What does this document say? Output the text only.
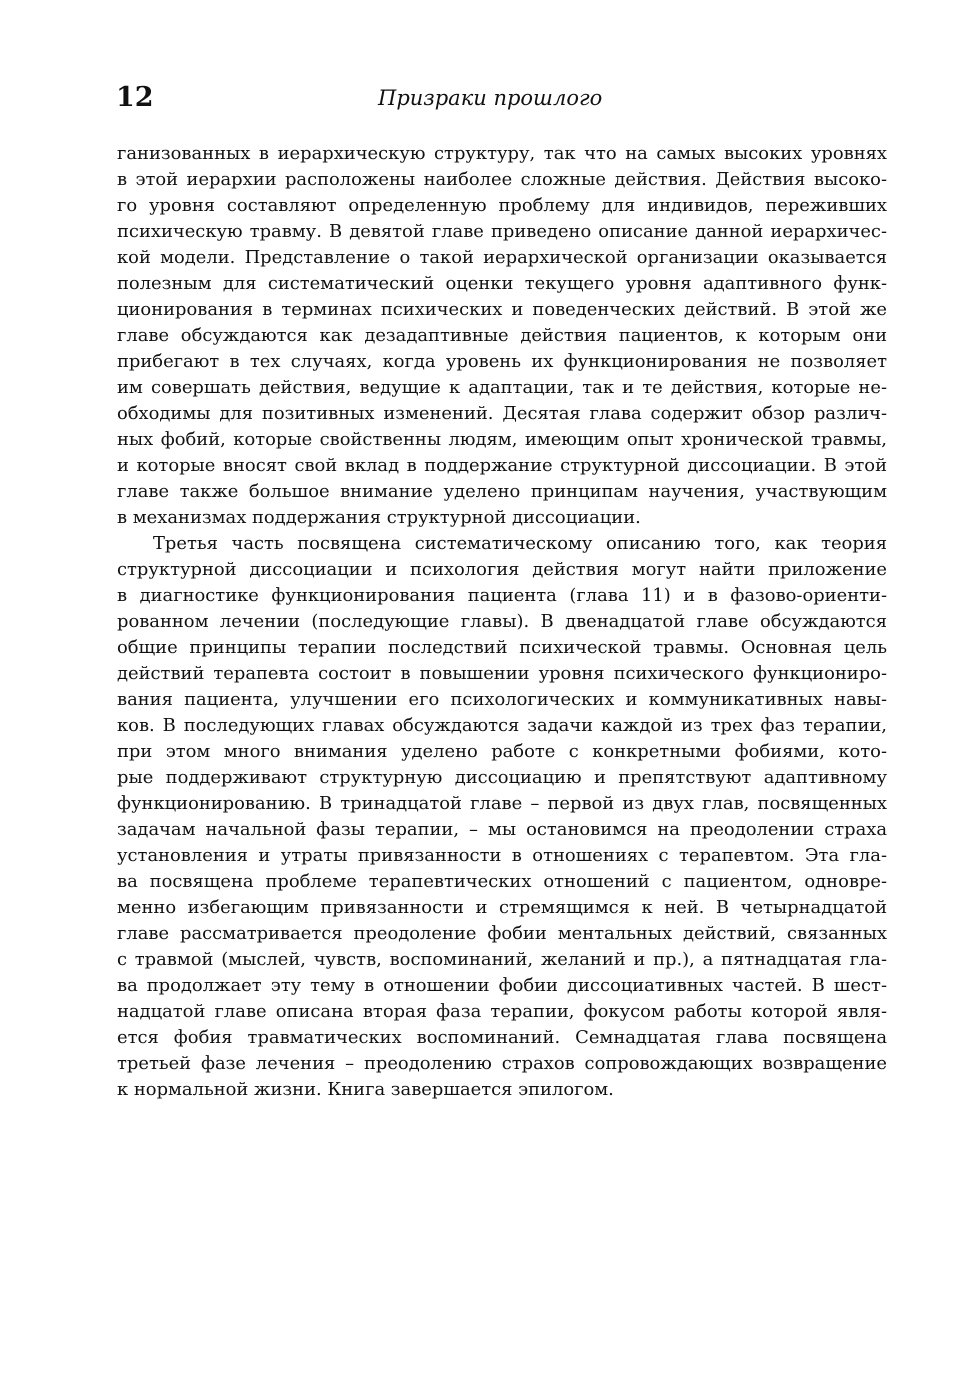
12	Призраки прошлого
ганизованных в иерархическую структуру, так что на самых высоких уровнях
в этой иерархии расположены наиболее сложные действия. Действия высоко-
го уровня составляют определенную проблему для индивидов, переживших
психическую травму. В девятой главе приведено описание данной иерархичес-
кой модели. Представление о такой иерархической организации оказывается
полезным для систематический оценки текущего уровня адаптивного функ-
ционирования в терминах психических и поведенческих действий. В этой же
главе обсуждаются как дезадаптивные действия пациентов, к которым они
прибегают в тех случаях, когда уровень их функционирования не позволяет
им совершать действия, ведущие к адаптации, так и те действия, которые не-
обходимы для позитивных изменений. Десятая глава содержит обзор различ-
ных фобий, которые свойственны людям, имеющим опыт хронической травмы,
и которые вносят свой вклад в поддержание структурной диссоциации. В этой
главе также большое внимание уделено принципам научения, участвующим
в механизмах поддержания структурной диссоциации.
Третья часть посвящена систематическому описанию того, как теория
структурной диссоциации и психология действия могут найти приложение
в диагностике функционирования пациента (глава 11) и в фазово-ориенти-
рованном лечении (последующие главы). В двенадцатой главе обсуждаются
общие принципы терапии последствий психической травмы. Основная цель
действий терапевта состоит в повышении уровня психического функциониро-
вания пациента, улучшении его психологических и коммуникативных навы-
ков. В последующих главах обсуждаются задачи каждой из трех фаз терапии,
при этом много внимания уделено работе с конкретными фобиями, кото-
рые поддерживают структурную диссоциацию и препятствуют адаптивному
функционированию. В тринадцатой главе – первой из двух глав, посвященных
задачам начальной фазы терапии, – мы остановимся на преодолении страха
установления и утраты привязанности в отношениях с терапевтом. Эта гла-
ва посвящена проблеме терапевтических отношений с пациентом, одновре-
менно избегающим привязанности и стремящимся к ней. В четырнадцатой
главе рассматривается преодоление фобии ментальных действий, связанных
с травмой (мыслей, чувств, воспоминаний, желаний и пр.), а пятнадцатая гла-
ва продолжает эту тему в отношении фобии диссоциативных частей. В шест-
надцатой главе описана вторая фаза терапии, фокусом работы которой явля-
ется фобия травматических воспоминаний. Семнадцатая глава посвящена
третьей фазе лечения – преодолению страхов сопровождающих возвращение
к нормальной жизни. Книга завершается эпилогом.
